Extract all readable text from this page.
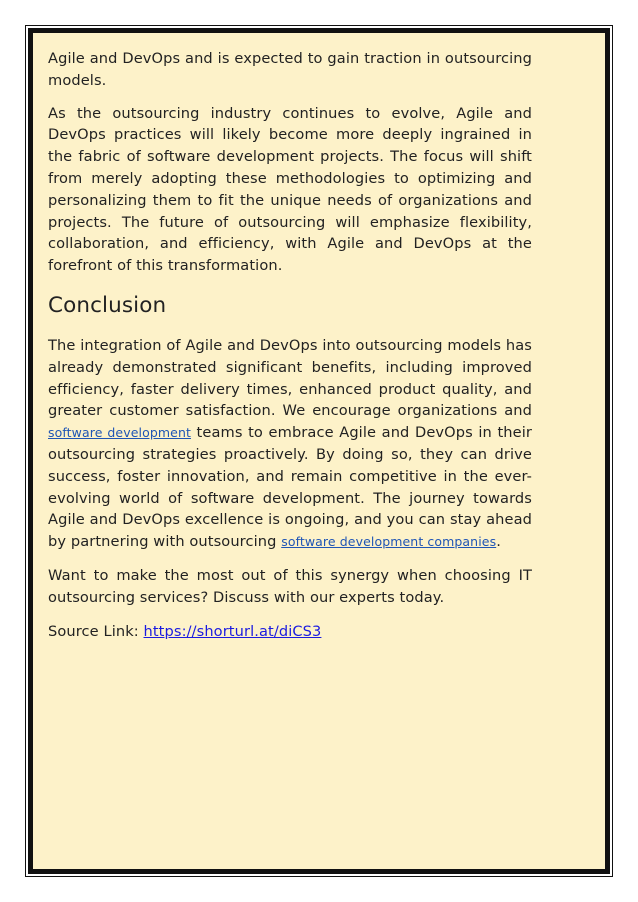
Agile and DevOps and is expected to gain traction in outsourcing models.

As the outsourcing industry continues to evolve, Agile and DevOps practices will likely become more deeply ingrained in the fabric of software development projects. The focus will shift from merely adopting these methodologies to optimizing and personalizing them to fit the unique needs of organizations and projects. The future of outsourcing will emphasize flexibility, collaboration, and efficiency, with Agile and DevOps at the forefront of this transformation.

Conclusion

The integration of Agile and DevOps into outsourcing models has already demonstrated significant benefits, including improved efficiency, faster delivery times, enhanced product quality, and greater customer satisfaction. We encourage organizations and software development teams to embrace Agile and DevOps in their outsourcing strategies proactively. By doing so, they can drive success, foster innovation, and remain competitive in the ever-evolving world of software development. The journey towards Agile and DevOps excellence is ongoing, and you can stay ahead by partnering with outsourcing software development companies.

Want to make the most out of this synergy when choosing IT outsourcing services? Discuss with our experts today.

Source Link: https://shorturl.at/diCS3
